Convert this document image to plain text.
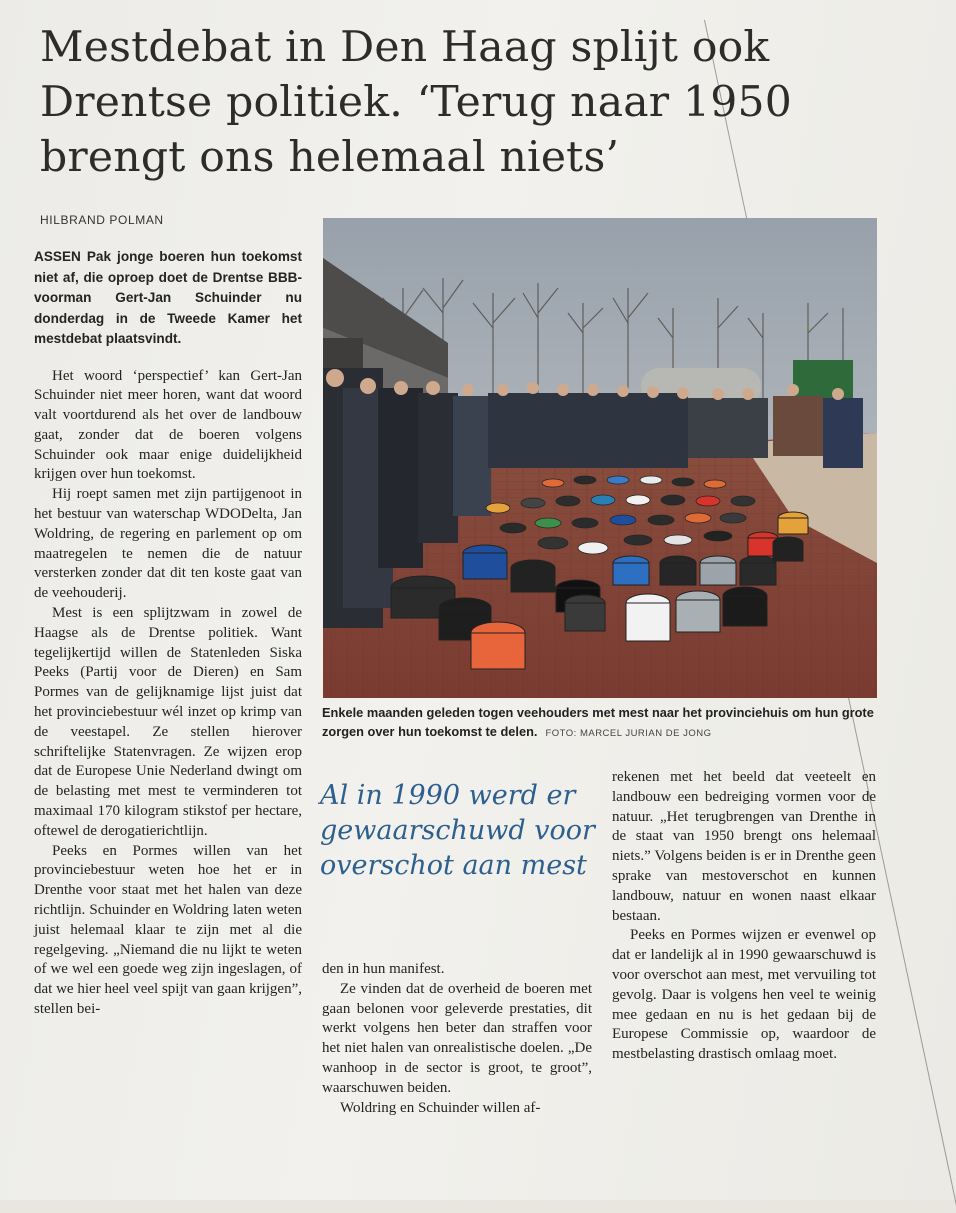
Mestdebat in Den Haag splijt ook
Drentse politiek. ‘Terug naar 1950
brengt ons helemaal niets’
HILBRAND POLMAN

ASSEN Pak jonge boeren hun toekomst niet af, die oproep doet de Drentse BBB-voorman Gert-Jan Schuinder nu donderdag in de Tweede Kamer het mestdebat plaatsvindt.

Het woord ‘perspectief’ kan Gert-Jan Schuinder niet meer horen, want dat woord valt voortdurend als het over de landbouw gaat, zonder dat de boeren volgens Schuinder ook maar enige duidelijkheid krijgen over hun toekomst.

Hij roept samen met zijn partijgenoot in het bestuur van waterschap WDODelta, Jan Woldring, de regering en parlement op om maatregelen te nemen die de natuur versterken zonder dat dit ten koste gaat van de veehouderij.

Mest is een splijtzwam in zowel de Haagse als de Drentse politiek. Want tegelijkertijd willen de Statenleden Siska Peeks (Partij voor de Dieren) en Sam Pormes van de gelijknamige lijst juist dat het provinciebestuur wél inzet op krimp van de veestapel. Ze stellen hierover schriftelijke Statenvragen. Ze wijzen erop dat de Europese Unie Nederland dwingt om de belasting met mest te verminderen tot maximaal 170 kilogram stikstof per hectare, oftewel de derogatierichtlijn.

Peeks en Pormes willen van het provinciebestuur weten hoe het er in Drenthe voor staat met het halen van deze richtlijn. Schuinder en Woldring laten weten juist helemaal klaar te zijn met al die regelgeving. „Niemand die nu lijkt te weten of we wel een goede weg zijn ingeslagen, of dat we hier heel veel spijt van gaan krijgen”, stellen bei-

Enkele maanden geleden togen veehouders met mest naar het provinciehuis om hun grote zorgen over hun toekomst te delen. FOTO: MARCEL JURIAN DE JONG
Al in 1990 werd er gewaarschuwd voor overschot aan mest

den in hun manifest.

Ze vinden dat de overheid de boeren met gaan belonen voor geleverde prestaties, dit werkt volgens hen beter dan straffen voor het niet halen van onrealistische doelen. „De wanhoop in de sector is groot, te groot”, waarschuwen beiden.

Woldring en Schuinder willen af-

rekenen met het beeld dat veeteelt en landbouw een bedreiging vormen voor de natuur. „Het terugbrengen van Drenthe in de staat van 1950 brengt ons helemaal niets.” Volgens beiden is er in Drenthe geen sprake van mestoverschot en kunnen landbouw, natuur en wonen naast elkaar bestaan.

Peeks en Pormes wijzen er evenwel op dat er landelijk al in 1990 gewaarschuwd is voor overschot aan mest, met vervuiling tot gevolg. Daar is volgens hen veel te weinig mee gedaan en nu is het gedaan bij de Europese Commissie op, waardoor de mestbelasting drastisch omlaag moet.
